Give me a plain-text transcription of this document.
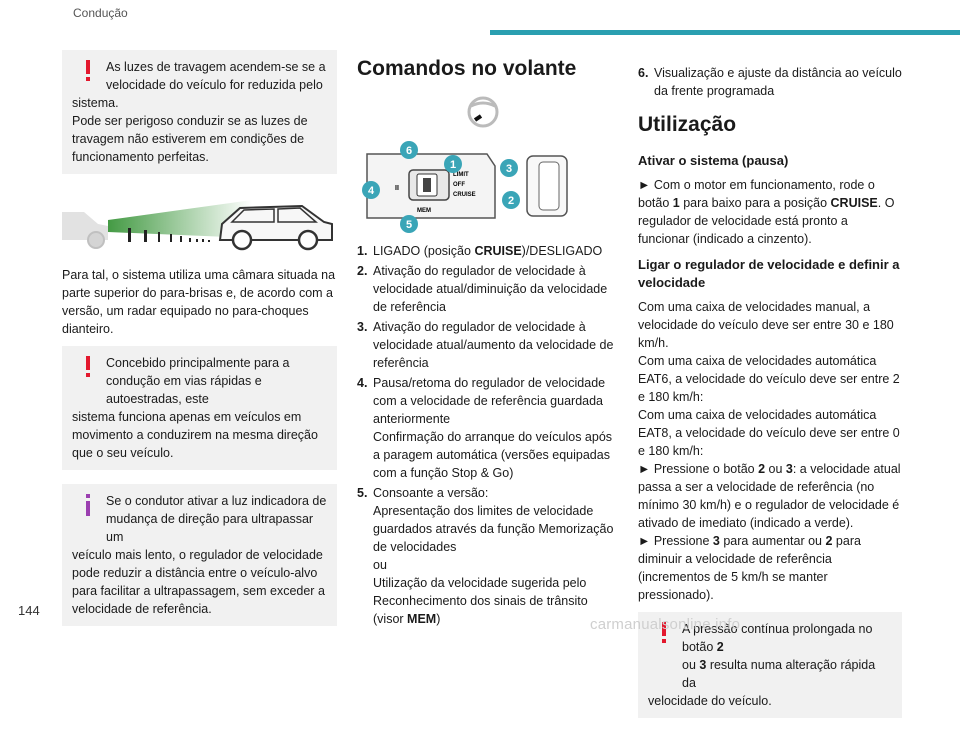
Condução
As luzes de travagem acendem-se se a velocidade do veículo for reduzida pelo
sistema.
Pode ser perigoso conduzir se as luzes de travagem não estiverem em condições de funcionamento perfeitas.

Para tal, o sistema utiliza uma câmara situada na parte superior do para-brisas e, de acordo com a versão, um radar equipado no para-choques dianteiro.

Concebido principalmente para a condução em vias rápidas e autoestradas, este
sistema funciona apenas em veículos em movimento a conduzirem na mesma direção que o seu veículo.
Se o condutor ativar a luz indicadora de mudança de direção para ultrapassar um
veículo mais lento, o regulador de velocidade pode reduzir a distância entre o veículo-alvo para facilitar a ultrapassagem, sem exceder a velocidade de referência.
Comandos no volante
LIMIT
OFF
CRUISE
MEM
II
6
1
4
5
3
2
1. LIGADO (posição CRUISE)/DESLIGADO
2. Ativação do regulador de velocidade à velocidade atual/diminuição da velocidade de referência
3. Ativação do regulador de velocidade à velocidade atual/aumento da velocidade de referência
4. Pausa/retoma do regulador de velocidade com a velocidade de referência guardada anteriormente
Confirmação do arranque do veículos após a paragem automática (versões equipadas com a função Stop & Go)
5. Consoante a versão:
Apresentação dos limites de velocidade guardados através da função Memorização de velocidades
ou
Utilização da velocidade sugerida pelo Reconhecimento dos sinais de trânsito (visor MEM)
6. Visualização e ajuste da distância ao veículo da frente programada
Utilização
Ativar o sistema (pausa)

► Com o motor em funcionamento, rode o botão 1 para baixo para a posição CRUISE. O regulador de velocidade está pronto a funcionar (indicado a cinzento).

Ligar o regulador de velocidade e definir a velocidade
Com uma caixa de velocidades manual, a velocidade do veículo deve ser entre 30 e 180 km/h.
Com uma caixa de velocidades automática EAT6, a velocidade do veículo deve ser entre 2 e 180 km/h:
Com uma caixa de velocidades automática EAT8, a velocidade do veículo deve ser entre 0 e 180 km/h:
► Pressione o botão 2 ou 3: a velocidade atual passa a ser a velocidade de referência (no mínimo 30 km/h) e o regulador de velocidade é ativado de imediato (indicado a verde).

► Pressione 3 para aumentar ou 2 para diminuir a velocidade de referência (incrementos de 5 km/h se manter pressionado).

A pressão contínua prolongada no botão 2
ou 3 resulta numa alteração rápida da
velocidade do veículo.
144
carmanualsonline.info
